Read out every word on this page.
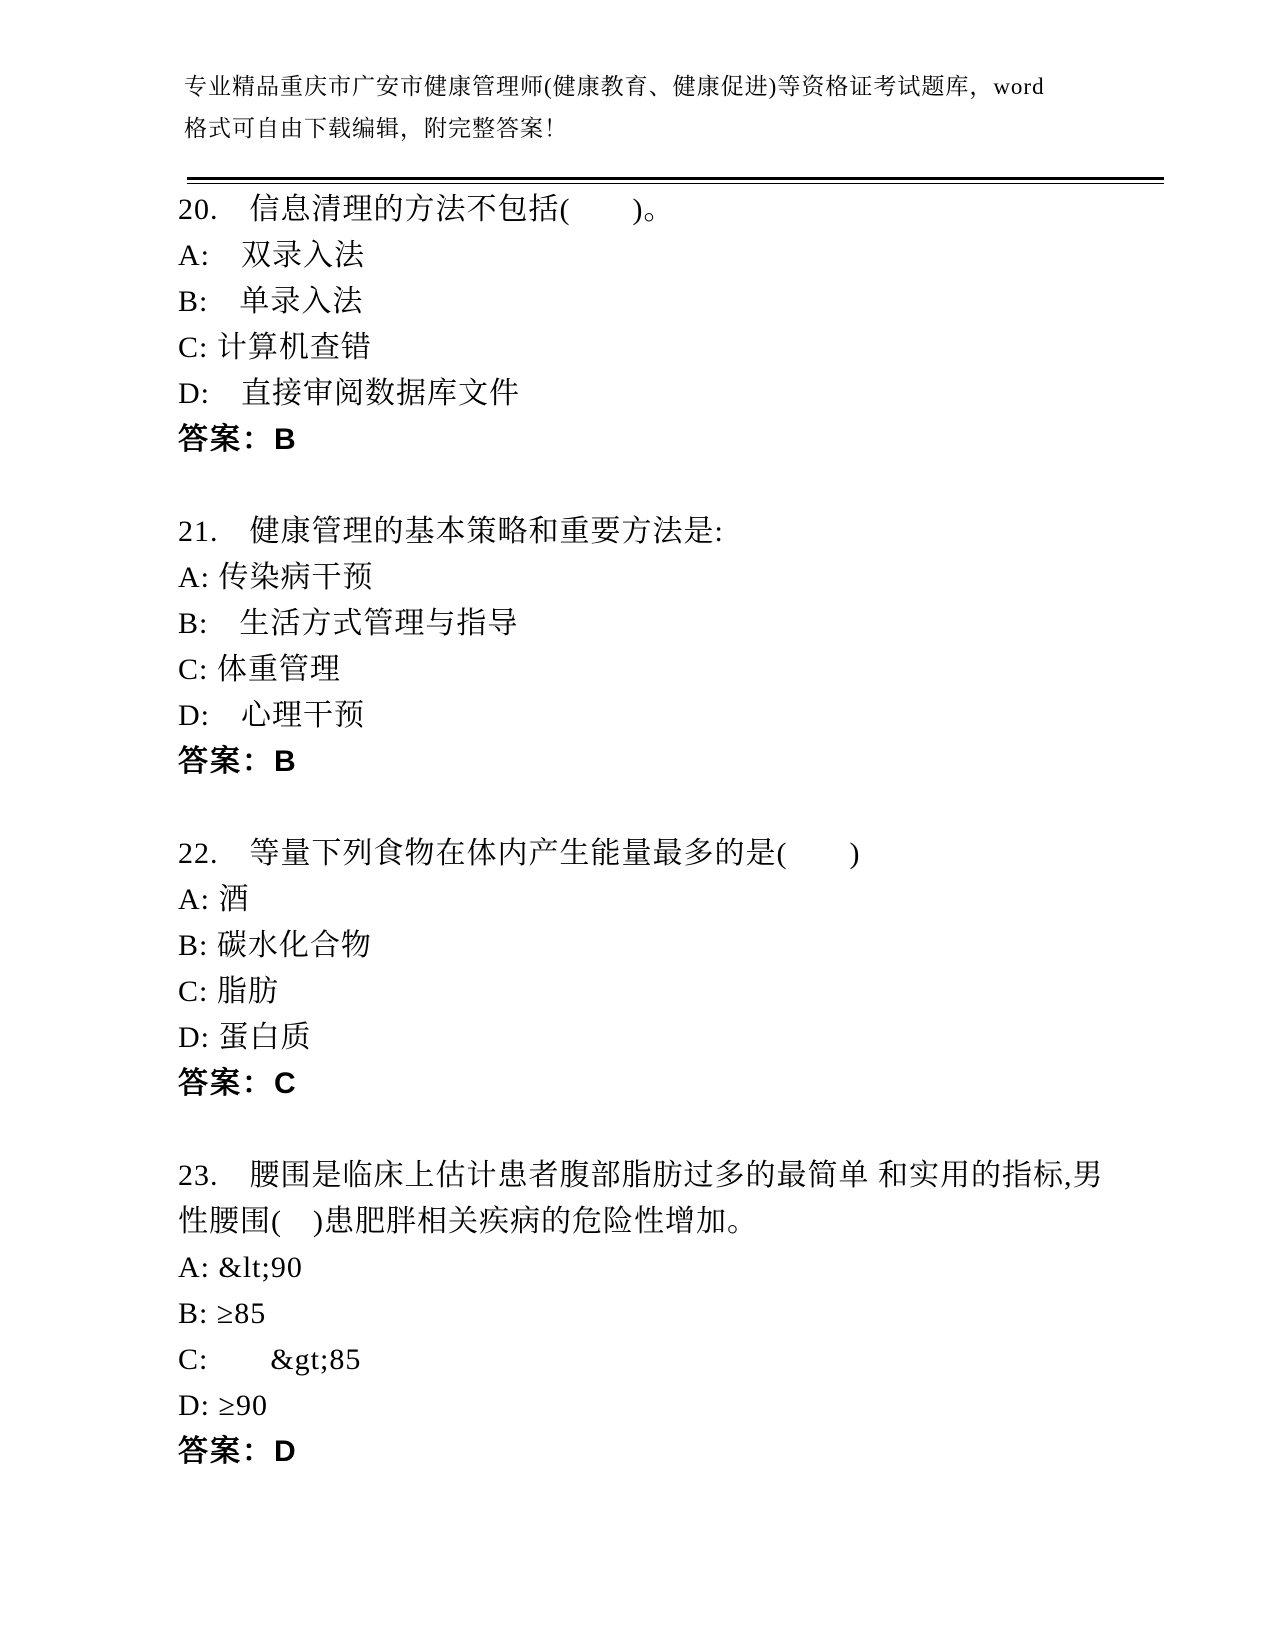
专业精品重庆市广安市健康管理师(健康教育、健康促进)等资格证考试题库，word
格式可自由下载编辑，附完整答案！
20.　信息清理的方法不包括(　　)。
A:　双录入法
B:　单录入法
C: 计算机查错
D:　直接审阅数据库文件
答案：B
21.　健康管理的基本策略和重要方法是:
A: 传染病干预
B:　生活方式管理与指导
C: 体重管理
D:　心理干预
答案：B
22.　等量下列食物在体内产生能量最多的是(　　)
A: 酒
B: 碳水化合物
C: 脂肪
D: 蛋白质
答案：C
23.　腰围是临床上估计患者腹部脂肪过多的最简单 和实用的指标,男
性腰围(　)患肥胖相关疾病的危险性增加。
A: &lt;90
B: ≥85
C:　　&gt;85
D: ≥90
答案：D
